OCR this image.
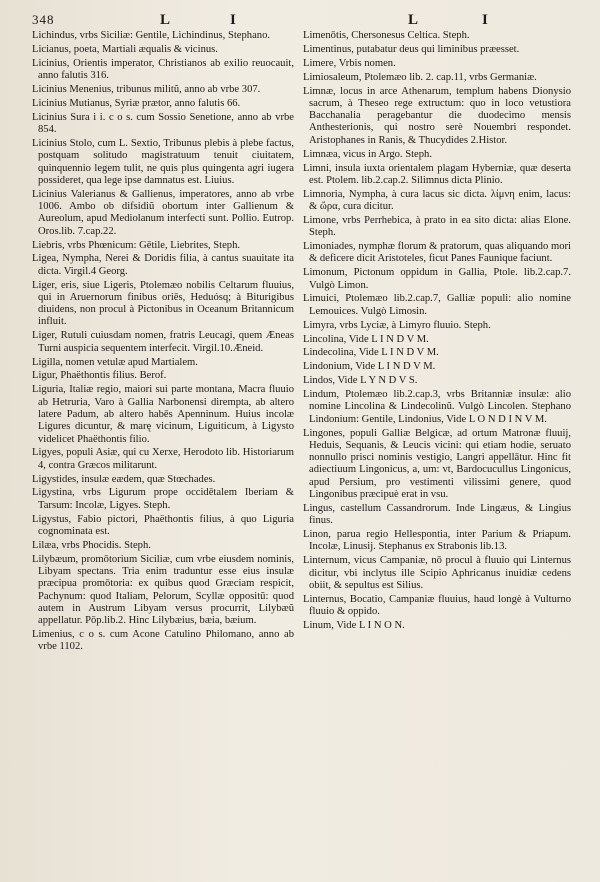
348	L	I	L	I

Lichindus, vrbs Siciliæ: Gentile, Lichindinus, Stephano.

Licianus, poeta, Martiali æqualis & vicinus.

Licinius, Orientis imperator, Christianos ab exilio reuocauit, anno falutis 316.

Licinius Menenius, tribunus militũ, anno ab vrbe 307.

Licinius Mutianus, Syriæ prætor, anno falutis 66.

Licinius Sura i i. c o s. cum Sossio Senetione, anno ab vrbe 854.

Licinius Stolo, cum L. Sextio, Tribunus plebis à plebe factus, postquam solitudo magistratuum tenuit ciuitatem, quinquennio legem tulit, ne quis plus quingenta agri iugera possideret, qua lege ipse damnatus est. Liuius.

Licinius Valerianus & Gallienus, imperatores, anno ab vrbe 1006. Ambo ob difsidiũ obortum inter Gallienum & Aureolum, apud Mediolanum interfecti sunt. Pollio. Eutrop. Oros.lib. 7.cap.22.

Liebris, vrbs Phœnicum: Gētile, Liebrites, Steph.

Ligea, Nympha, Nerei & Doridis filia, à cantus suauitate ita dicta. Virgil.4 Georg.

Liger, eris, siue Ligeris, Ptolemæo nobilis Celtarum fluuius, qui in Aruernorum finibus oriēs, Heduósq; à Biturigibus diuidens, non procul à Pictonibus in Oceanum Britannicum influit.

Liger, Rutuli cuiusdam nomen, fratris Leucagi, quem Æneas Turni auspicia sequentem interfecit. Virgil.10.Æneid.

Ligilla, nomen vetulæ apud Martialem.

Ligur, Phaëthontis filius. Berof.

Liguria, Italiæ regio, maiori sui parte montana, Macra fluuio ab Hetruria, Varo à Gallia Narbonensi dirempta, ab altero latere Padum, ab altero habēs Apenninum. Huius incolæ Ligures dicuntur, & marę vicinum, Liguiticum, à Ligysto videlicet Phaëthontis filio.

Ligyes, populi Asiæ, qui cu Xerxe, Herodoto lib. Historiarum 4, contra Græcos militarunt.

Ligystides, insulæ eædem, quæ Stœchades.

Ligystina, vrbs Ligurum prope occidētalem Iberiam & Tarsum: Incolæ, Ligyes. Steph.

Ligystus, Fabio pictori, Phaëthontis filius, à quo Liguria cognominata est.

Lilæa, vrbs Phocidis. Steph.

Lilybæum, promōtorium Siciliæ, cum vrbe eiusdem nominis, Libyam spectans. Tria enim traduntur esse eius insulæ præcipua promōtoria: ex quibus quod Græciam respicit, Pachynum: quod Italiam, Pelorum, Scyllæ oppositũ: quod autem in Austrum Libyam versus procurrit, Lilybæũ appellatur. Pōp.lib.2. Hinc Lilybæius, bæia, bæium.

Limenius, c o s. cum Acone Catulino Philomano, anno ab vrbe 1102.

Limenōtis, Chersonesus Celtica. Steph.

Limentinus, putabatur deus qui liminibus præesset.

Limere, Vrbis nomen.

Limiosaleum, Ptolemæo lib. 2. cap.11, vrbs Germaniæ.

Limnæ, locus in arce Athenarum, templum habens Dionysio sacrum, à Theseo rege extructum: quo in loco vetustiora Bacchanalia peragebantur die duodecimo mensis Anthesterionis, qui nostro serè Nouembri respondet. Aristophanes in Ranis, & Thucydides 2.Histor.

Limnæa, vicus in Argo. Steph.

Limni, insula iuxta orientalem plagam Hyberniæ, quæ deserta est. Ptolem. lib.2.cap.2. Silimnus dicta Plinio.

Limnoria, Nympha, à cura lacus sic dicta. λίμνη enim, lacus: & ὤρα, cura dicitur.

Limone, vrbs Perrhebica, à prato in ea sito dicta: alias Elone. Steph.

Limoniades, nymphæ florum & pratorum, quas aliquando mori & deficere dicit Aristoteles, ficut Panes Faunique faciunt.

Limonum, Pictonum oppidum in Gallia, Ptole. lib.2.cap.7. Vulgò Limon.

Limuici, Ptolemæo lib.2.cap.7, Galliæ populi: alio nomine Lemouices. Vulgò Limosin.

Limyra, vrbs Lyciæ, à Limyro fluuio. Steph.

Lincolina, Vide L I N D V M.

Lindecolina, Vide L I N D V M.

Lindonium, Vide L I N D V M.

Lindos, Vide L Y N D V S.

Lindum, Ptolemæo lib.2.cap.3, vrbs Britanniæ insulæ: alio nomine Lincolina & Lindecolinũ. Vulgò Lincolen. Stephano Lindonium: Gentile, Lindonius, Vide L O N D I N V M.

Lingones, populi Galliæ Belgicæ, ad ortum Matronæ fluuij, Heduis, Sequanis, & Leucis vicini: qui etiam hodie, seruato nonnullo prisci nominis vestigio, Langri appellātur. Hinc fit adiectiuum Lingonicus, a, um: vt, Bardocucullus Lingonicus, apud Persium, pro vestimenti vilissimi genere, quod Lingonibus præcipuè erat in vsu.

Lingus, castellum Cassandrorum. Inde Lingæus, & Lingius finus.

Linon, parua regio Hellespontia, inter Parium & Priapum. Incolæ, Linusij. Stephanus ex Strabonis lib.13.

Linternum, vicus Campaniæ, nō procul à fluuio qui Linternus dicitur, vbi inclytus ille Scipio Aphricanus inuidiæ cedens obiit, & sepultus est Silius.

Linternus, Bocatio, Campaniæ fluuius, haud longè à Vulturno fluuio & oppido.

Linum, Vide L I N O N.
